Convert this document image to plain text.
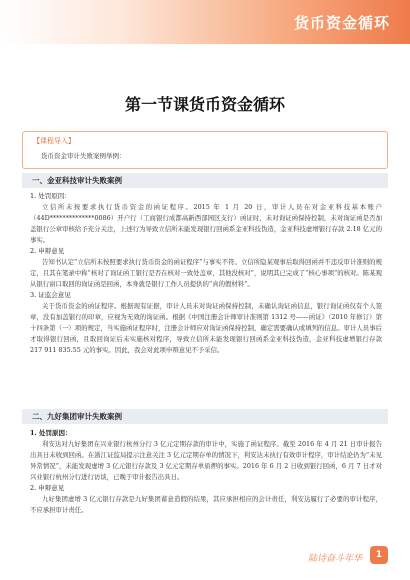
货币资金循环
第一节课货币资金循环
【课程导入】
货币资金审计失败案例举例：
一、金亚科技审计失败案例
1. 处罚原因：

立信所未按要求执行货币资金的函证程序。2015 年 1 月 20 日，审计人员在对金亚科技基本账户（44D**************0086）开户行（工商银行成都高新西部园区支行）函证时，未对询证函保持控制，未对询证函是否加盖银行公章审核给予充分关注，上述行为导致立信所未能发现银行回函系金亚科技伪造，金亚科技虚增银行存款 2.18 亿元的事实。

2. 申辩意见

告知书认定“立信所未按照要求执行货币资金的函证程序”与事实不符。立信所隐某观事后取得回函并不违反审计准则的规定，且其在笔录中称“核对了询证函工银行是否在核对一致处盖章，其他没核对”，说明其已完成了“核心事项”的核对。陈某观从银行窗口取回的询证函是回函，本身就是银行工作人员提供的“真的假材料”。

3. 证监会意见

关于货币资金的函证程序。根据现有证据，审计人员未对询证函保持控制，未确认询证函信息，银行询证函仅有个人签章，没有加盖银行的印章，应视为无效的询证函。根据《中国注册会计师审计准则第 1312 号——函证》（2010 年修订）第十四条第（一）项的规定，当实施函证程序时，注册会计师应对询证函保持控制，确定需要确认或填列的信息。审计人员事后才取得银行回函，且取回询证后未实施核对程序，导致立信所未能发现银行回函系金亚科技伪造，金亚科技虚增银行存款 217 911 835.55 元的事实。因此，我会对此项申辩意见不予采信。

二、九好集团审计失败案例
1. 处罚原因：

利安达对九好集团在兴业银行杭州分行 3 亿元定期存款的审计中，实施了函证程序。截至 2016 年 4 月 21 日审计报告出具日未收到回函。在浙江证监局提示注意关注 3 亿元定期存单的情况下，利安达未执行有效审计程序，审计结论仍为“未见异常情况”，未能发现虚增 3 亿元银行存款及 3 亿元定期存单质押的事实。2016 年 6 月 2 日收到银行回函，6 月 7 日才对兴业银行杭州分行进行访谈，已晚于审计报告出具日。

2. 申辩意见

九好集团虚增 3 亿元银行存款是九好集团蓄意造假的结果，其应承担相应的会计责任，利安达履行了必要的审计程序，不应承担审计责任。

陆诗奋斗年华	1
